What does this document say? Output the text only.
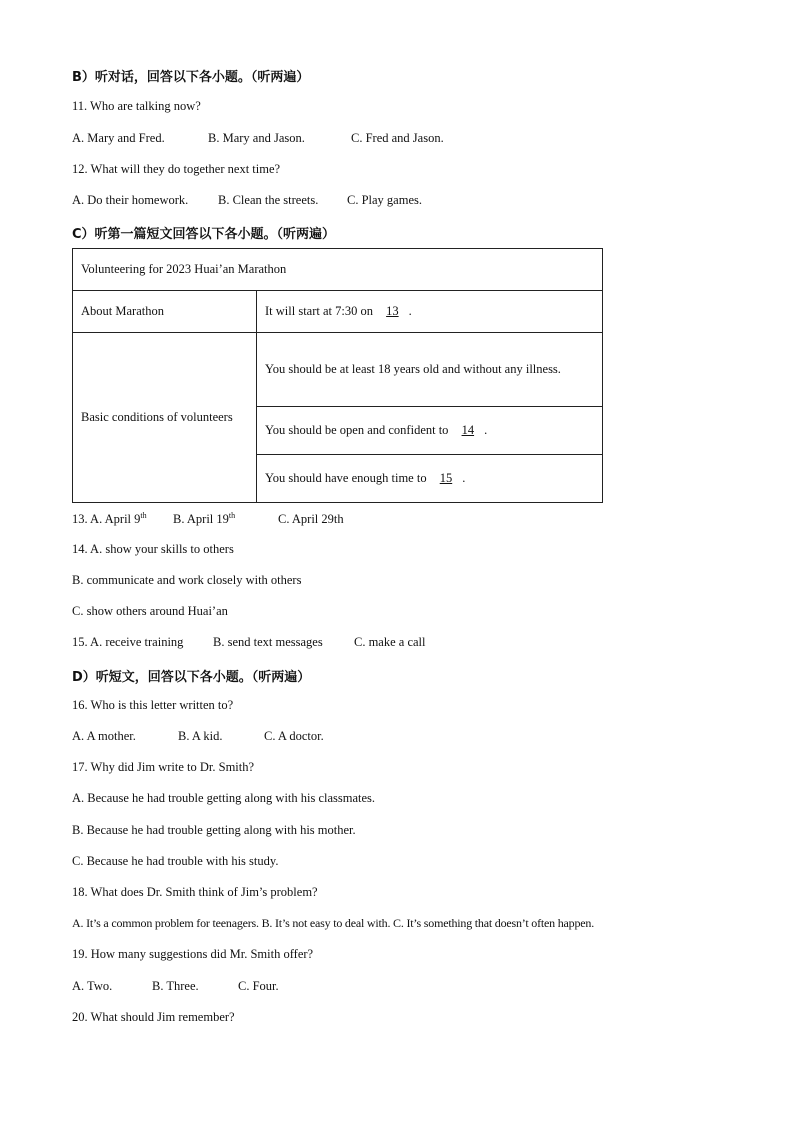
B）听对话，回答以下各小题。（听两遍）
11. Who are talking now?
A. Mary and Fred.	B. Mary and Jason.	C. Fred and Jason.
12. What will they do together next time?
A. Do their homework. B. Clean the streets. C. Play games.
C）听第一篇短文回答以下各小题。（听两遍）
Volunteering for 2023 Huai’an Marathon	
About Marathon	It will start at 7:30 on 13 .
Basic conditions of volunteers	You should be at least 18 years old and without any illness.
	You should be open and confident to 14 .
	You should have enough time to 15 .
13. A. April 9th B. April 19th	C. April 29th
14. A. show your skills to others
B. communicate and work closely with others
C. show others around Huai’an
15. A. receive training B. send text messages	C. make a call
D）听短文，回答以下各小题。（听两遍）
16. Who is this letter written to?
A. A mother.	B. A kid.	C. A doctor.
17. Why did Jim write to Dr. Smith?
A. Because he had trouble getting along with his classmates.
B. Because he had trouble getting along with his mother.
C. Because he had trouble with his study.
18. What does Dr. Smith think of Jim’s problem?
A. It’s a common problem for teenagers. B. It’s not easy to deal with. C. It’s something that doesn’t often happen.
19. How many suggestions did Mr. Smith offer?
A. Two.	B. Three.	C. Four.
20. What should Jim remember?
